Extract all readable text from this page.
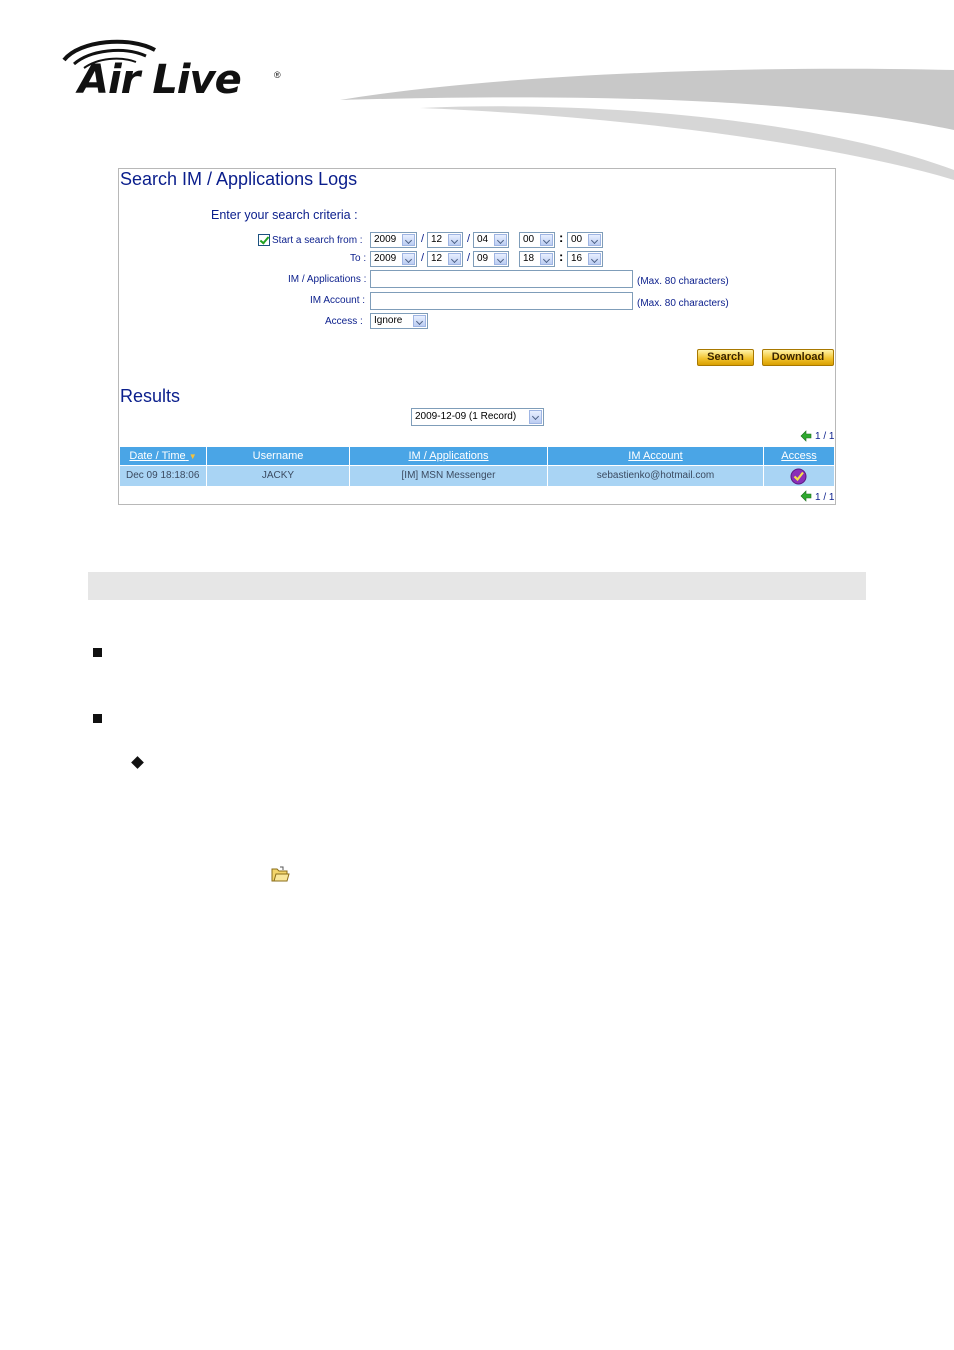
Air Live	®
Search IM / Applications Logs
Enter your search criteria :
Start a search from : 2009 / 12 / 04	00 : 00
To : 2009 / 12 / 09	18 : 16
IM / Applications :	(Max. 80 characters)
IM Account :	(Max. 80 characters)
Access : Ignore
Search	Download
Results
2009-12-09 (1 Record)
1 / 1
Date / Time ▼	Username	IM / Applications	IM Account	Access
Dec 09 18:18:06	JACKY	[IM] MSN Messenger	sebastienko@hotmail.com
1 / 1
